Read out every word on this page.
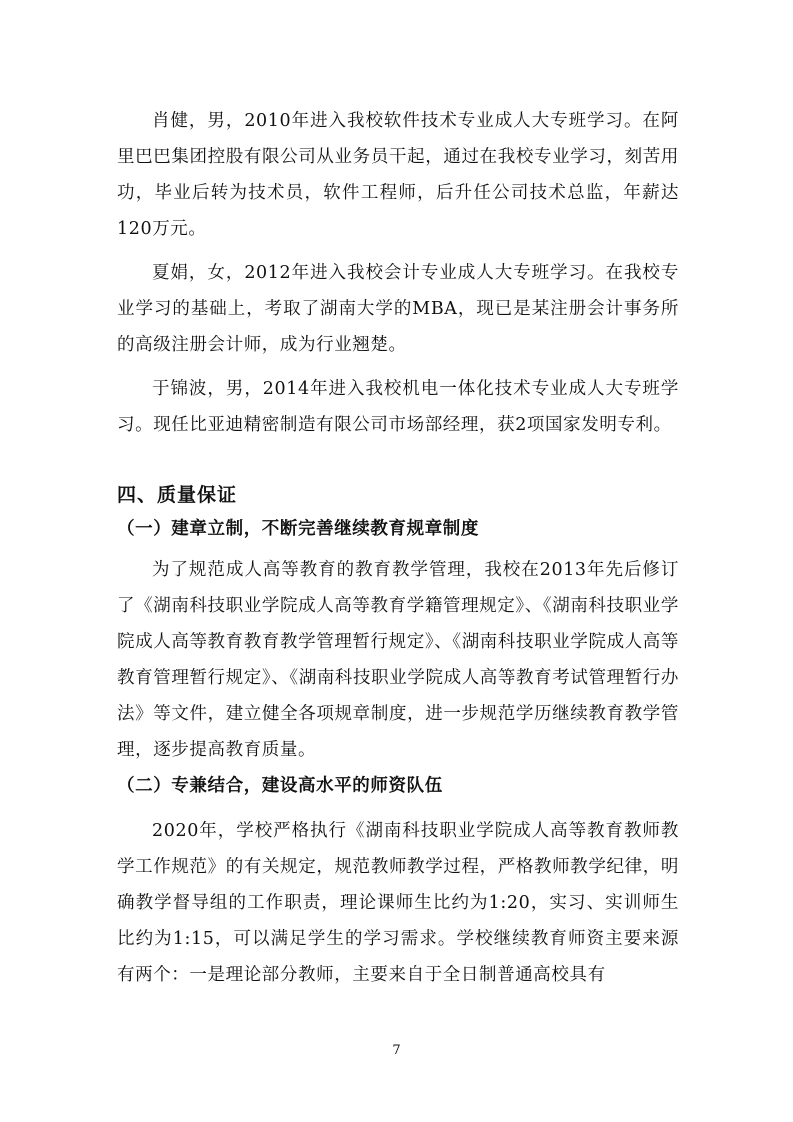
肖健，男，2010年进入我校软件技术专业成人大专班学习。在阿里巴巴集团控股有限公司从业务员干起，通过在我校专业学习，刻苦用功，毕业后转为技术员，软件工程师，后升任公司技术总监，年薪达120万元。

夏娟，女，2012年进入我校会计专业成人大专班学习。在我校专业学习的基础上，考取了湖南大学的MBA，现已是某注册会计事务所的高级注册会计师，成为行业翘楚。

于锦波，男，2014年进入我校机电一体化技术专业成人大专班学习。现任比亚迪精密制造有限公司市场部经理，获2项国家发明专利。

四、质量保证
（一）建章立制，不断完善继续教育规章制度

为了规范成人高等教育的教育教学管理，我校在2013年先后修订了《湖南科技职业学院成人高等教育学籍管理规定》、《湖南科技职业学院成人高等教育教育教学管理暂行规定》、《湖南科技职业学院成人高等教育管理暂行规定》、《湖南科技职业学院成人高等教育考试管理暂行办法》等文件，建立健全各项规章制度，进一步规范学历继续教育教学管理，逐步提高教育质量。

（二）专兼结合，建设高水平的师资队伍

2020年，学校严格执行《湖南科技职业学院成人高等教育教师教学工作规范》的有关规定，规范教师教学过程，严格教师教学纪律，明确教学督导组的工作职责，理论课师生比约为1:20，实习、实训师生比约为1:15，可以满足学生的学习需求。学校继续教育师资主要来源有两个：一是理论部分教师，主要来自于全日制普通高校具有

7
